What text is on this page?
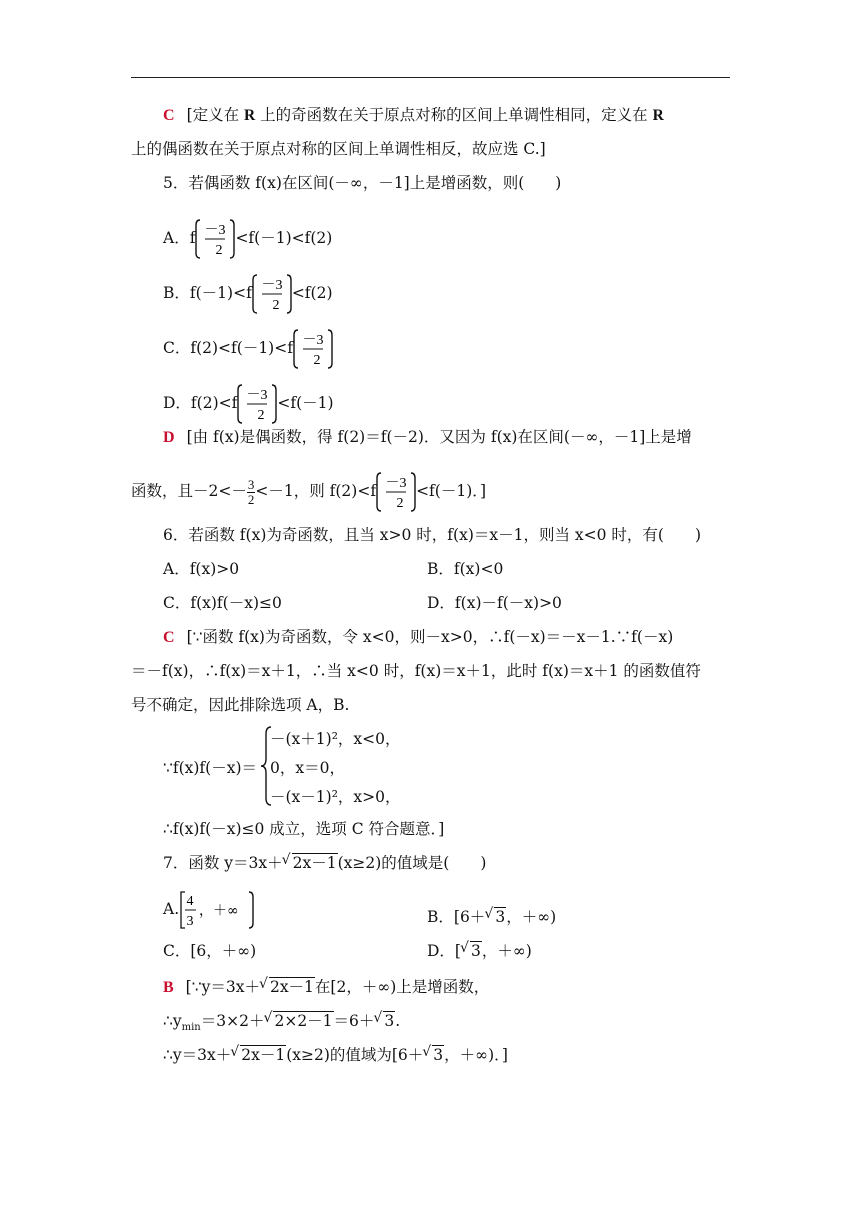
C [定义在 R 上的奇函数在关于原点对称的区间上单调性相同，定义在 R
上的偶函数在关于原点对称的区间上单调性相反，故应选 C.]
5．若偶函数 f(x)在区间(－∞，－1]上是增函数，则(　　)
A．f －3
2
<f(－1)<f(2)
B．f(－1)<f －3
2
<f(2)
C．f(2)<f(－1)<f －3
2
D．f(2)<f －3
2
<f(－1)
D [由 f(x)是偶函数，得 f(2)＝f(－2)．又因为 f(x)在区间(－∞，－1]上是增
函数，且$-2<- \frac{3}{2} <-1$，则 f(2)<f －3
2
<f(－1)．]
6．若函数 f(x)为奇函数，且当 x>0 时，f(x)＝x－1，则当 x<0 时，有(　　)
A．f(x)>0	B．f(x)<0
C．f(x)f(－x)≤0	D．f(x)－f(－x)>0
C [∵函数 f(x)为奇函数，令 x<0，则－x>0，∴f(－x)＝－x－1.∵f(－x)
＝－f(x)，∴f(x)＝x＋1，∴当 x<0 时，f(x)＝x＋1，此时 f(x)＝x＋1 的函数值符
号不确定，因此排除选项 A，B.
∵f(x)f(－x)＝
－(x＋1)²，x<0，
0，x＝0，
－(x－1)²，x>0，
∴f(x)f(－x)≤0 成立，选项 C 符合题意．]
7．函数 y＝3x＋√ 2x－1(x≥2)的值域是(　　)
A. 4
3
，＋∞	B．[6＋√ 3，＋∞)
C．[6，＋∞)	D．[√ 3，＋∞)
B [∵y＝3x＋√ 2x－1在[2，＋∞)上是增函数，
$\therefore y_{min}=3\times 2+√$ 2×2－1＝6＋√ 3.
∴y＝3x＋√ 2x－1(x≥2)的值域为[6＋√ 3，＋∞)．]
